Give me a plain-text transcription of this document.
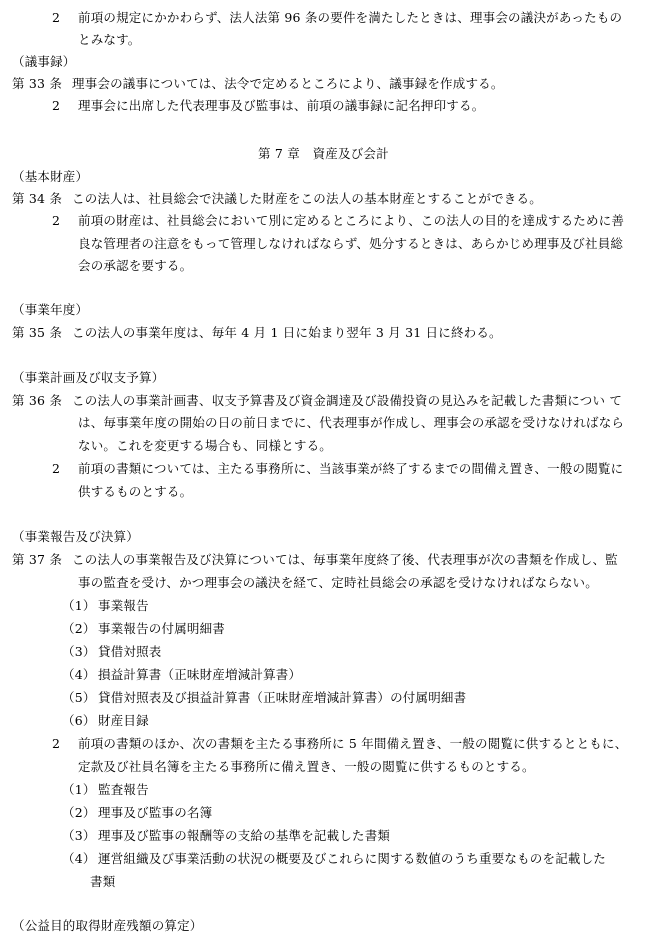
2 前項の規定にかかわらず、法人法第 96 条の要件を満たしたときは、理事会の議決があったもの
とみなす。
（議事録）
第 33 条 理事会の議事については、法令で定めるところにより、議事録を作成する。
2 理事会に出席した代表理事及び監事は、前項の議事録に記名押印する。
第 7 章　資産及び会計
（基本財産）
第 34 条 この法人は、社員総会で決議した財産をこの法人の基本財産とすることができる。
2 前項の財産は、社員総会において別に定めるところにより、この法人の目的を達成するために善
良な管理者の注意をもって管理しなければならず、処分するときは、あらかじめ理事及び社員総
会の承認を要する。
（事業年度）
第 35 条 この法人の事業年度は、毎年 4 月 1 日に始まり翌年 3 月 31 日に終わる。
（事業計画及び収支予算）
第 36 条 この法人の事業計画書、収支予算書及び資金調達及び設備投資の見込みを記載した書類につい て
は、毎事業年度の開始の日の前日までに、代表理事が作成し、理事会の承認を受けなければなら
ない。これを変更する場合も、同様とする。
2 前項の書類については、主たる事務所に、当該事業が終了するまでの間備え置き、一般の閲覧に
供するものとする。
（事業報告及び決算）
第 37 条 この法人の事業報告及び決算については、毎事業年度終了後、代表理事が次の書類を作成し、監
事の監査を受け、かつ理事会の議決を経て、定時社員総会の承認を受けなければならない。
（1） 事業報告
（2） 事業報告の付属明細書
（3） 貸借対照表
（4） 損益計算書（正味財産増減計算書）
（5） 貸借対照表及び損益計算書（正味財産増減計算書）の付属明細書
（6） 財産目録
2 前項の書類のほか、次の書類を主たる事務所に 5 年間備え置き、一般の閲覧に供するとともに、
定款及び社員名簿を主たる事務所に備え置き、一般の閲覧に供するものとする。
（1） 監査報告
（2） 理事及び監事の名簿
（3） 理事及び監事の報酬等の支給の基準を記載した書類
（4） 運営組織及び事業活動の状況の概要及びこれらに関する数値のうち重要なものを記載した
書類
（公益目的取得財産残額の算定）
